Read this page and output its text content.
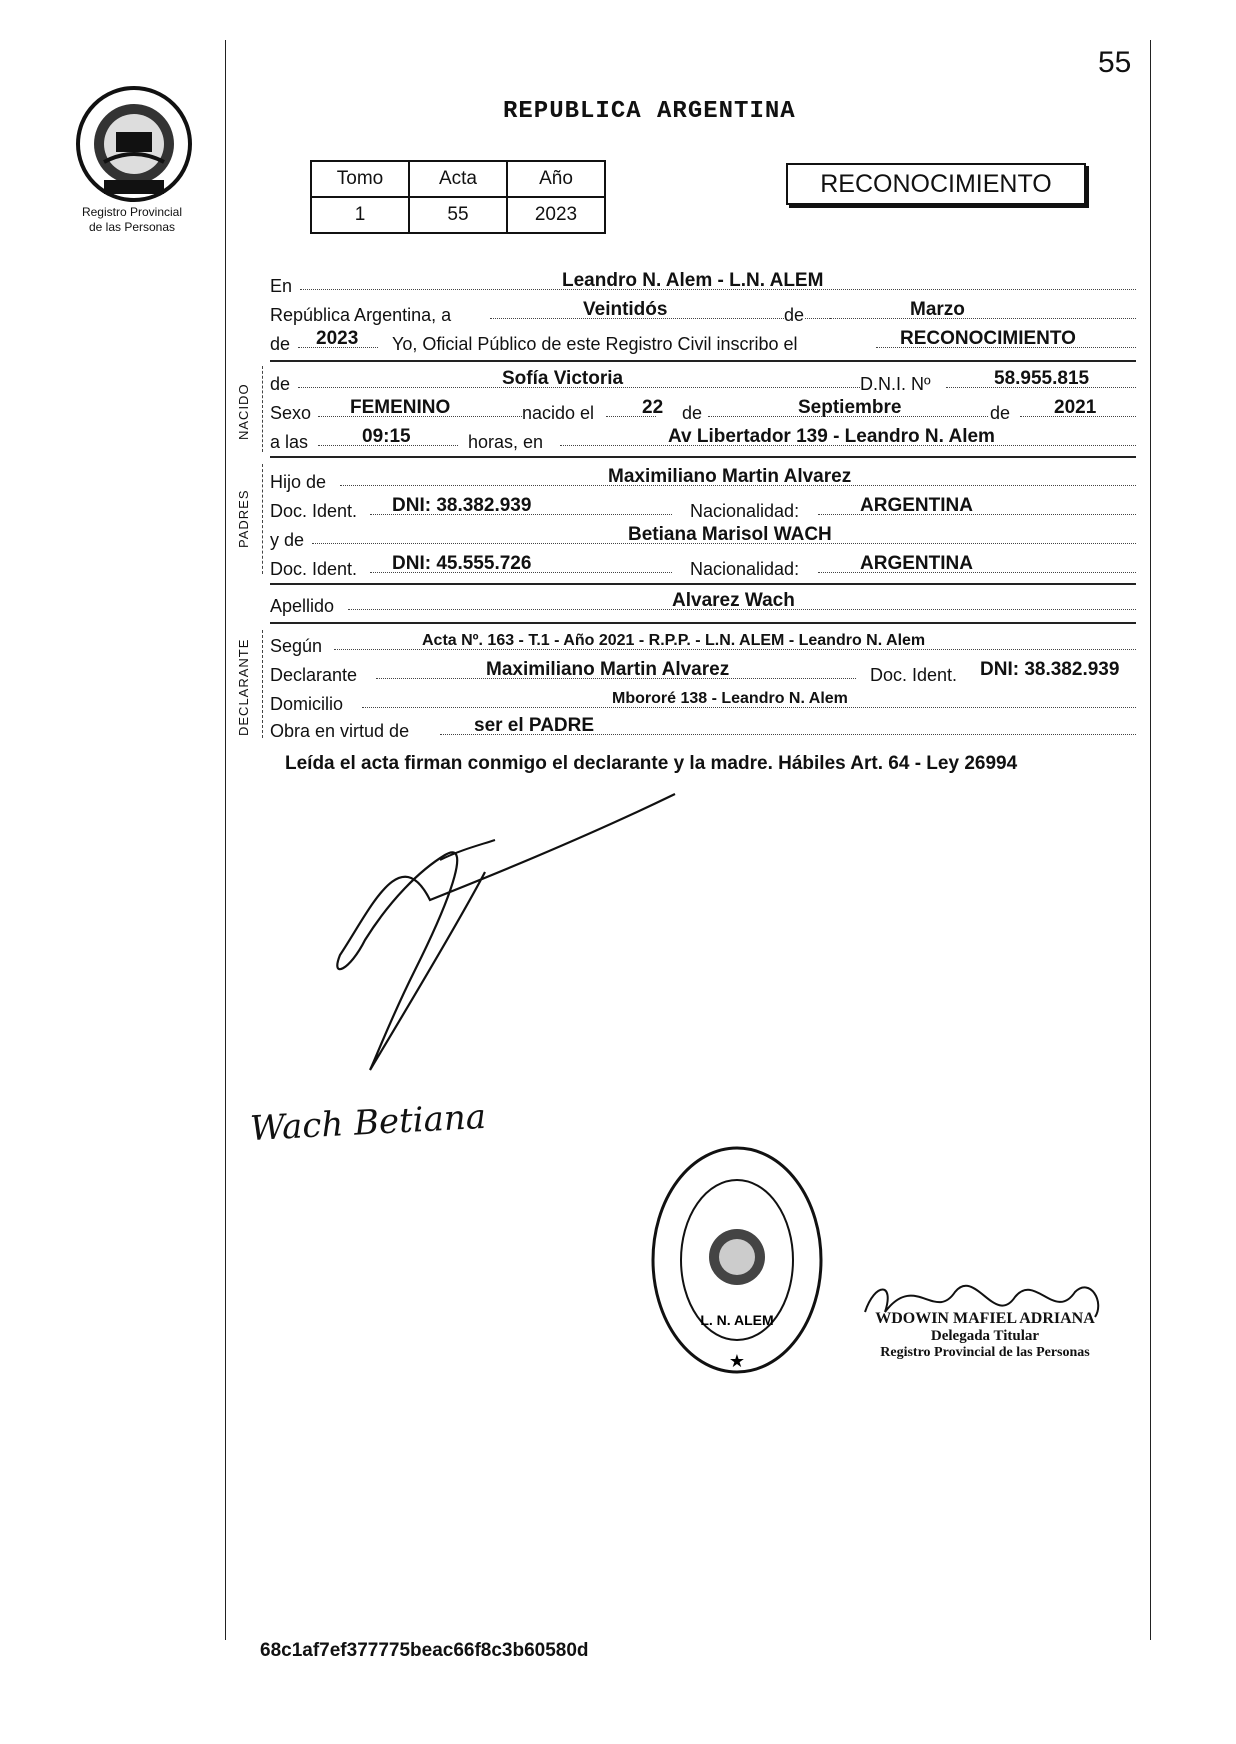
55
Registro Provincial
de las Personas
REPUBLICA ARGENTINA
Tomo	Acta	Año
1	55	2023
RECONOCIMIENTO
En	Leandro N. Alem - L.N. ALEM
República Argentina, a	Veintidós	de	Marzo
de 2023 Yo, Oficial Público de este Registro Civil inscribo el	RECONOCIMIENTO
NACIDO de	Sofía Victoria	D.N.I. Nº	58.955.815
Sexo FEMENINO	nacido el	22 de	Septiembre	de 2021
a las	09:15	horas, en	Av Libertador 139 - Leandro N. Alem
PADRES
Hijo de	Maximiliano Martin Alvarez
Doc. Ident. DNI: 38.382.939	Nacionalidad:	ARGENTINA
y de	Betiana Marisol WACH
Doc. Ident. DNI: 45.555.726	Nacionalidad:	ARGENTINA
Apellido	Alvarez Wach
DECLARANTE Según	Acta Nº. 163 - T.1 - Año 2021 - R.P.P. - L.N. ALEM - Leandro N. Alem
Declarante	Maximiliano Martin Alvarez	Doc. Ident. DNI: 38.382.939
Domicilio	Mbororé 138 - Leandro N. Alem
Obra en virtud de	ser el PADRE
Leída el acta firman conmigo el declarante y la madre. Hábiles Art. 64 - Ley 26994
Wach Betiana
L. N. ALEM
★
WDOWIN MAFIEL ADRIANA
Delegada Titular
Registro Provincial de las Personas
68c1af7ef377775beac66f8c3b60580d
